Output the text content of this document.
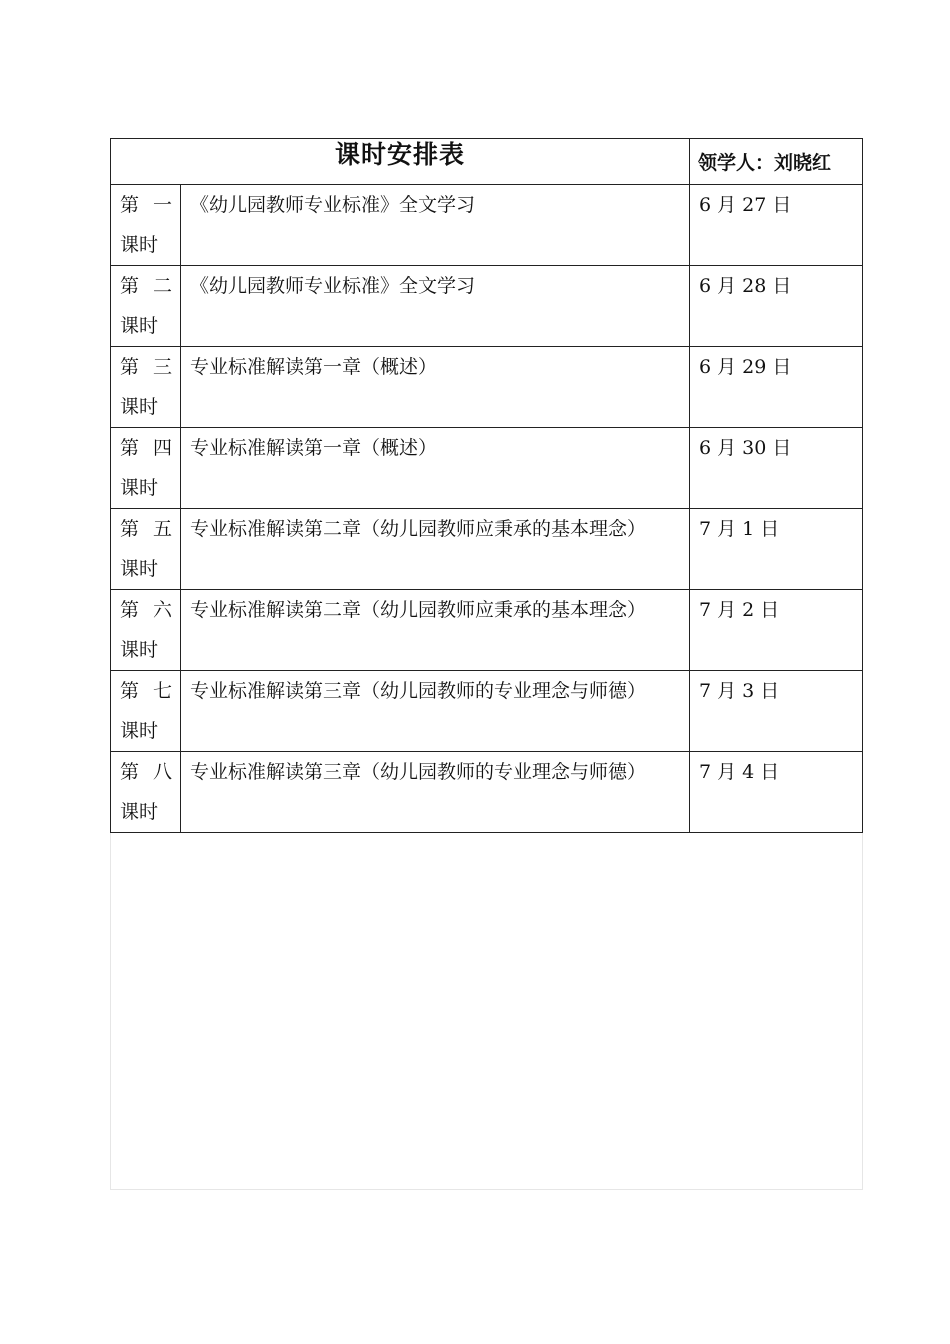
课时安排表		领学人：刘晓红

第 一
课时	《幼儿园教师专业标准》全文学习	6 月 27 日

第 二
课时	《幼儿园教师专业标准》全文学习	6 月 28 日

第 三
课时	专业标准解读第一章（概述）	6 月 29 日

第 四
课时	专业标准解读第一章（概述）	6 月 30 日

第 五
课时	专业标准解读第二章（幼儿园教师应秉承的基本理念）	7 月 1 日

第 六
课时	专业标准解读第二章（幼儿园教师应秉承的基本理念）	7 月 2 日

第 七
课时	专业标准解读第三章（幼儿园教师的专业理念与师德）	7 月 3 日

第 八
课时	专业标准解读第三章（幼儿园教师的专业理念与师德）	7 月 4 日
